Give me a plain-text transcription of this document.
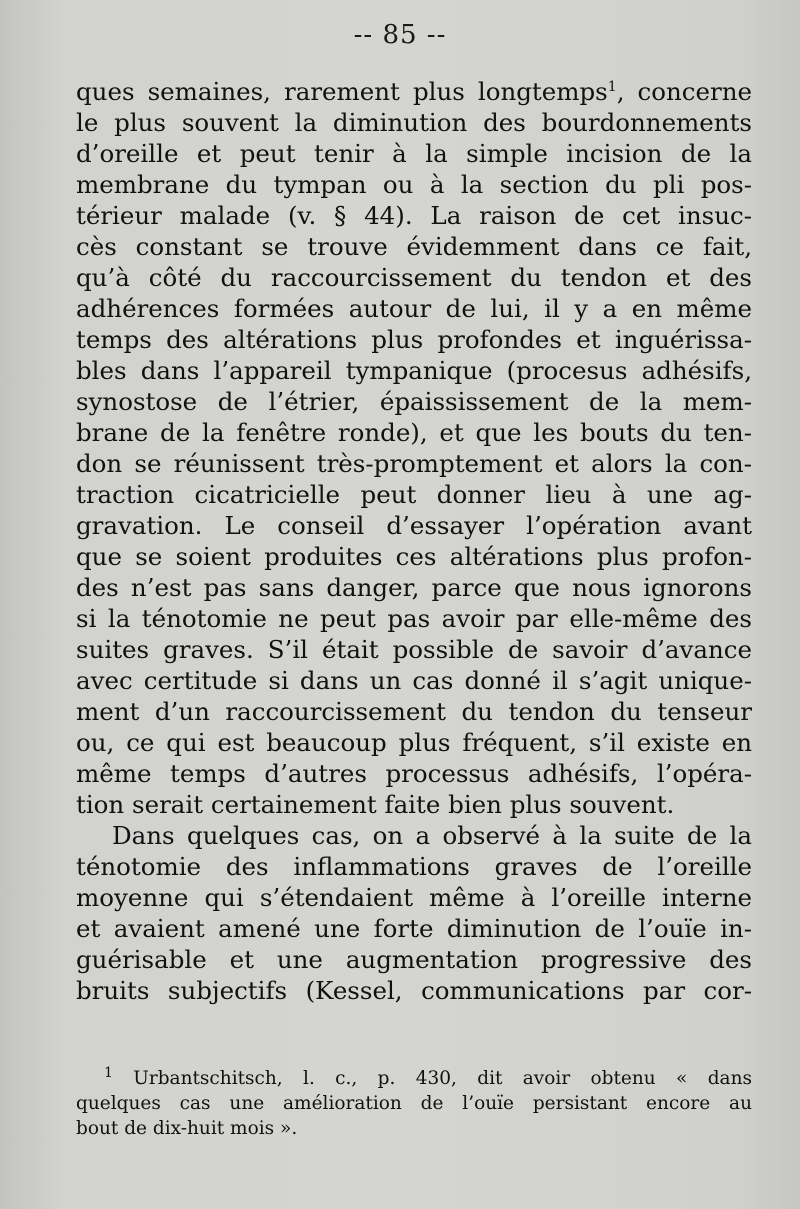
-- 85 --
ques semaines, rarement plus longtemps$^1$, concerne
le plus souvent la diminution des bourdonnements
d’oreille et peut tenir à la simple incision de la
membrane du tympan ou à la section du pli pos-
térieur malade (v. § 44). La raison de cet insuc-
cès constant se trouve évidemment dans ce fait,
qu’à côté du raccourcissement du tendon et des
adhérences formées autour de lui, il y a en même
temps des altérations plus profondes et inguérissa-
bles dans l’appareil tympanique (procesus adhésifs,
synostose de l’étrier, épaississement de la mem-
brane de la fenêtre ronde), et que les bouts du ten-
don se réunissent très-promptement et alors la con-
traction cicatricielle peut donner lieu à une ag-
gravation. Le conseil d’essayer l’opération avant
que se soient produites ces altérations plus profon-
des n’est pas sans danger, parce que nous ignorons
si la ténotomie ne peut pas avoir par elle-même des
suites graves. S’il était possible de savoir d’avance
avec certitude si dans un cas donné il s’agit unique-
ment d’un raccourcissement du tendon du tenseur
ou, ce qui est beaucoup plus fréquent, s’il existe en
même temps d’autres processus adhésifs, l’opéra-
tion serait certainement faite bien plus souvent.
Dans quelques cas, on a observé à la suite de la
ténotomie des inflammations graves de l’oreille
moyenne qui s’étendaient même à l’oreille interne
et avaient amené une forte diminution de l’ouïe in-
guérisable et une augmentation progressive des
bruits subjectifs (Kessel, communications par cor-
$^1$ Urbantschitsch, l. c., p. 430, dit avoir obtenu « dans
quelques cas une amélioration de l’ouïe persistant encore au
bout de dix-huit mois ».
